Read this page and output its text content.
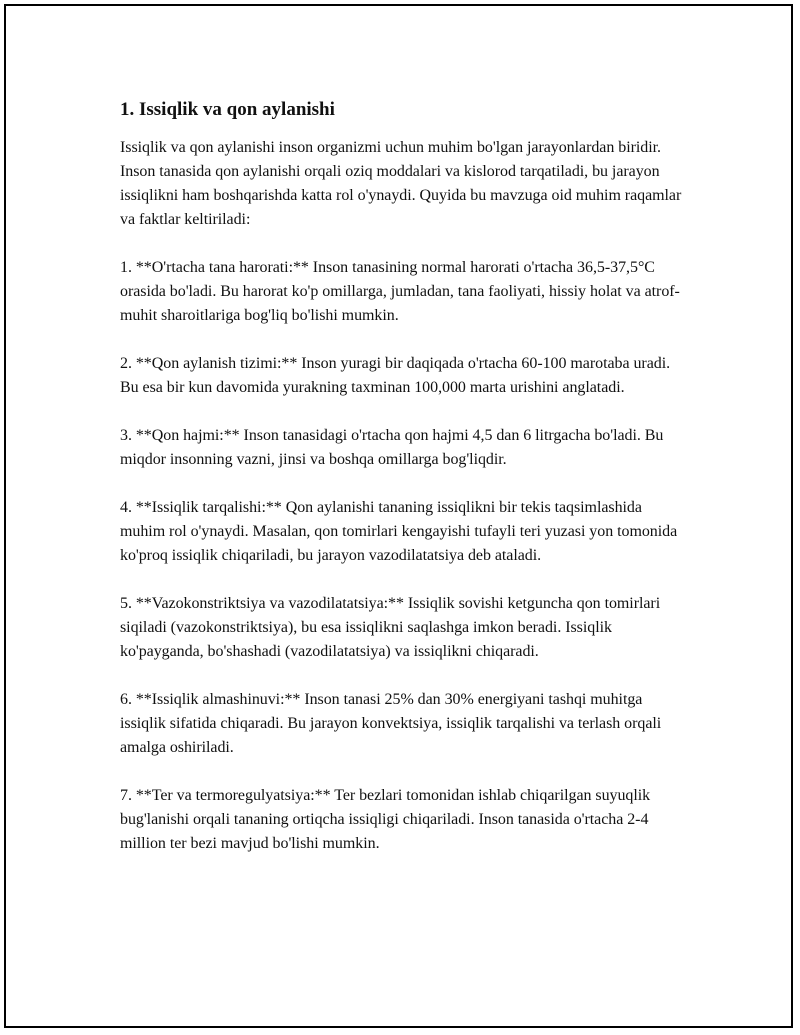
1. Issiqlik va qon aylanishi

Issiqlik va qon aylanishi inson organizmi uchun muhim bo'lgan jarayonlardan biridir. Inson tanasida qon aylanishi orqali oziq moddalari va kislorod tarqatiladi, bu jarayon issiqlikni ham boshqarishda katta rol o'ynaydi. Quyida bu mavzuga oid muhim raqamlar va faktlar keltiriladi:

1. **O'rtacha tana harorati:** Inson tanasining normal harorati o'rtacha 36,5-37,5°C orasida bo'ladi. Bu harorat ko'p omillarga, jumladan, tana faoliyati, hissiy holat va atrof-muhit sharoitlariga bog'liq bo'lishi mumkin.

2. **Qon aylanish tizimi:** Inson yuragi bir daqiqada o'rtacha 60-100 marotaba uradi. Bu esa bir kun davomida yurakning taxminan 100,000 marta urishini anglatadi.

3. **Qon hajmi:** Inson tanasidagi o'rtacha qon hajmi 4,5 dan 6 litrgacha bo'ladi. Bu miqdor insonning vazni, jinsi va boshqa omillarga bog'liqdir.

4. **Issiqlik tarqalishi:** Qon aylanishi tananing issiqlikni bir tekis taqsimlashida muhim rol o'ynaydi. Masalan, qon tomirlari kengayishi tufayli teri yuzasi yon tomonida ko'proq issiqlik chiqariladi, bu jarayon vazodilatatsiya deb ataladi.

5. **Vazokonstriktsiya va vazodilatatsiya:** Issiqlik sovishi ketguncha qon tomirlari siqiladi (vazokonstriktsiya), bu esa issiqlikni saqlashga imkon beradi. Issiqlik ko'payganda, bo'shashadi (vazodilatatsiya) va issiqlikni chiqaradi.

6. **Issiqlik almashinuvi:** Inson tanasi 25% dan 30% energiyani tashqi muhitga issiqlik sifatida chiqaradi. Bu jarayon konvektsiya, issiqlik tarqalishi va terlash orqali amalga oshiriladi.

7. **Ter va termoregulyatsiya:** Ter bezlari tomonidan ishlab chiqarilgan suyuqlik bug'lanishi orqali tananing ortiqcha issiqligi chiqariladi. Inson tanasida o'rtacha 2-4 million ter bezi mavjud bo'lishi mumkin.
